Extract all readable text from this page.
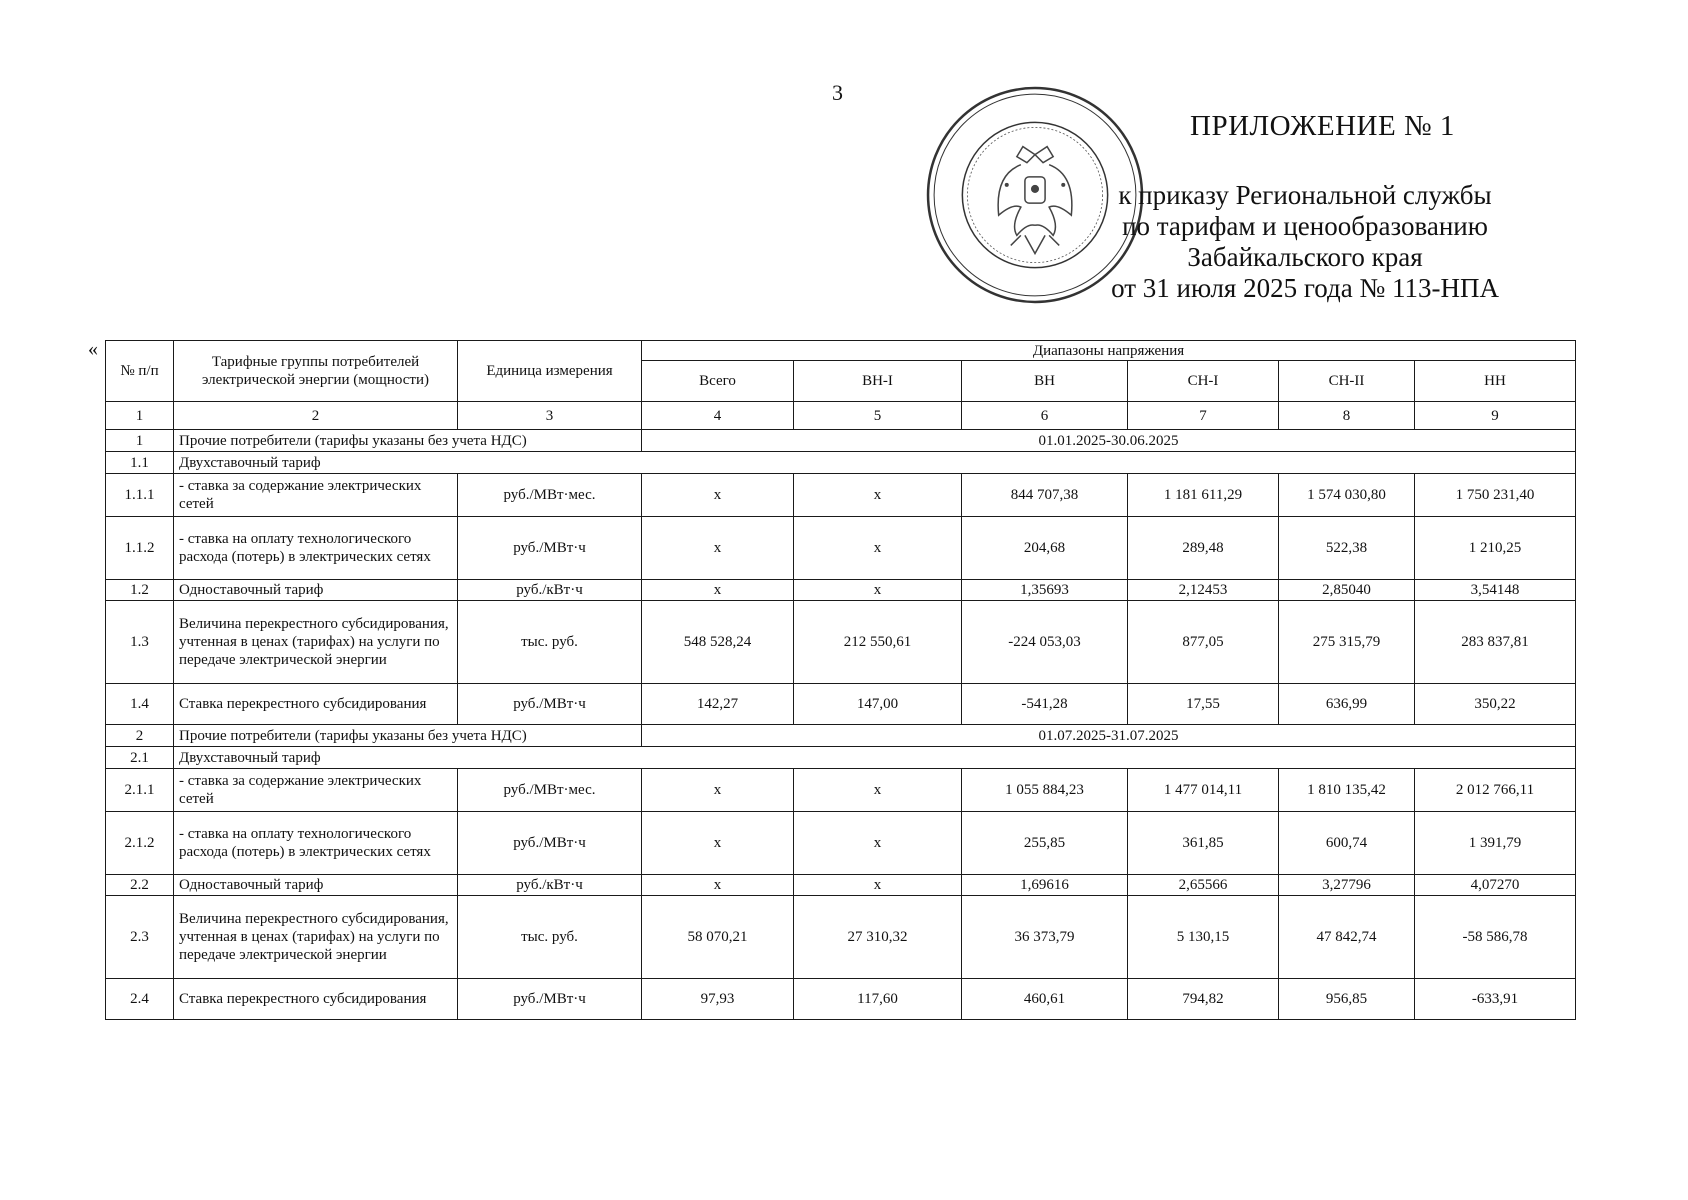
3
ПРИЛОЖЕНИЕ № 1
к приказу Региональной службы
по тарифам и ценообразованию
Забайкальского края
от 31 июля 2025 года № 113-НПА
«
№ п/п	Тарифные группы потребителей электрической энергии (мощности)	Единица измерения	Диапазоны напряжения					
			Всего	ВН-I	ВН	СН-I	СН-II	НН
1	2	3	4	5	6	7	8	9
1	Прочие потребители (тарифы указаны без учета НДС)		01.01.2025-30.06.2025					
1.1	Двухставочный тариф							
1.1.1	- ставка за содержание электрических сетей	руб./МВт·мес.	х	х	844 707,38	1 181 611,29	1 574 030,80	1 750 231,40
1.1.2	- ставка на оплату технологического расхода (потерь) в электрических сетях	руб./МВт·ч	х	х	204,68	289,48	522,38	1 210,25
1.2	Одноставочный тариф	руб./кВт·ч	х	х	1,35693	2,12453	2,85040	3,54148
1.3	Величина перекрестного субсидирования, учтенная в ценах (тарифах) на услуги по передаче электрической энергии	тыс. руб.	548 528,24	212 550,61	-224 053,03	877,05	275 315,79	283 837,81
1.4	Ставка перекрестного субсидирования	руб./МВт·ч	142,27	147,00	-541,28	17,55	636,99	350,22
2	Прочие потребители (тарифы указаны без учета НДС)		01.07.2025-31.07.2025					
2.1	Двухставочный тариф							
2.1.1	- ставка за содержание электрических сетей	руб./МВт·мес.	х	х	1 055 884,23	1 477 014,11	1 810 135,42	2 012 766,11
2.1.2	- ставка на оплату технологического расхода (потерь) в электрических сетях	руб./МВт·ч	х	х	255,85	361,85	600,74	1 391,79
2.2	Одноставочный тариф	руб./кВт·ч	х	х	1,69616	2,65566	3,27796	4,07270
2.3	Величина перекрестного субсидирования, учтенная в ценах (тарифах) на услуги по передаче электрической энергии	тыс. руб.	58 070,21	27 310,32	36 373,79	5 130,15	47 842,74	-58 586,78
2.4	Ставка перекрестного субсидирования	руб./МВт·ч	97,93	117,60	460,61	794,82	956,85	-633,91
